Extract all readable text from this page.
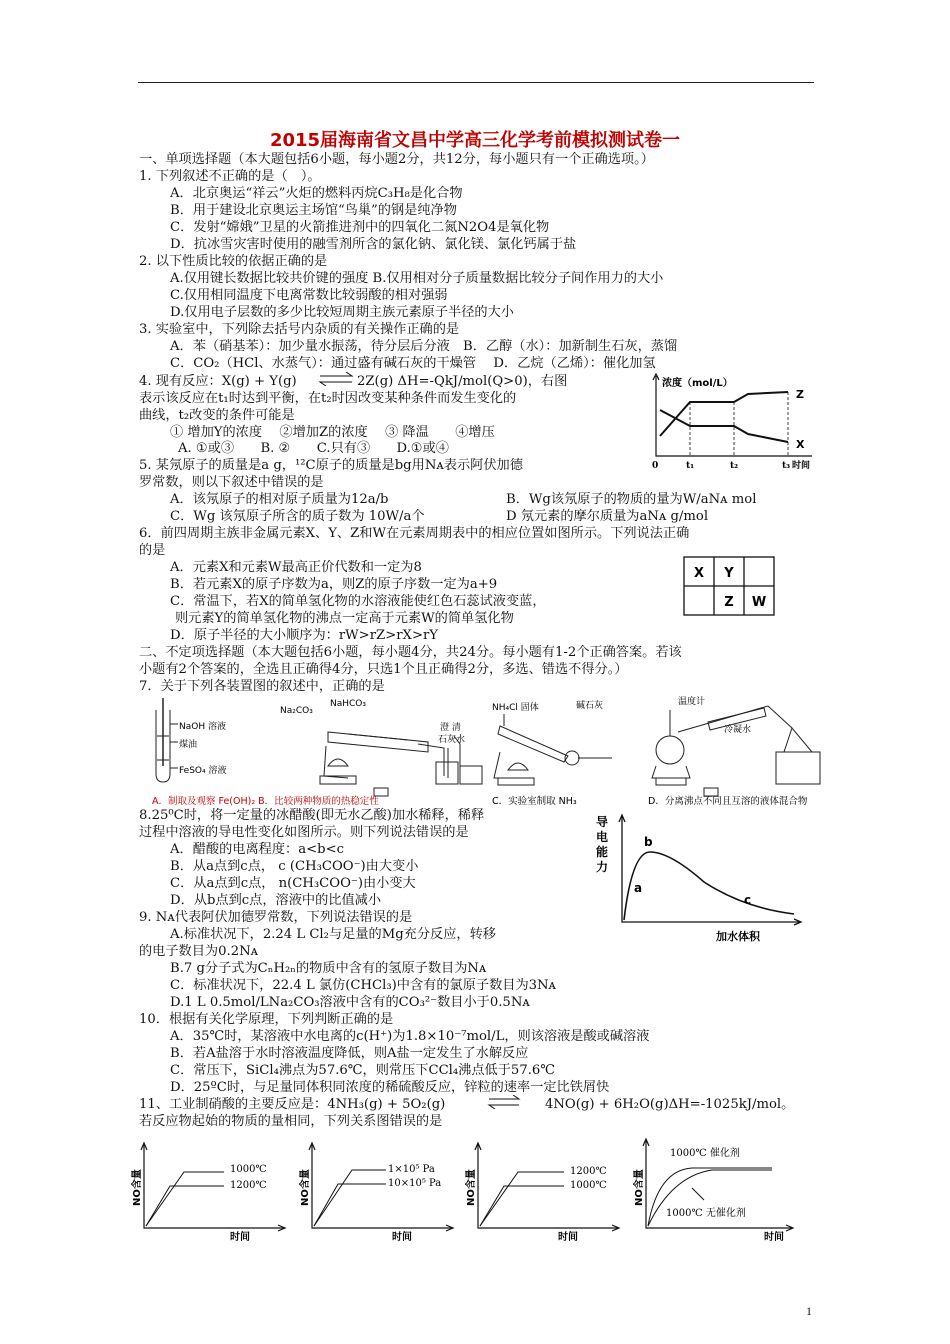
2015届海南省文昌中学高三化学考前模拟测试卷一
一、单项选择题（本大题包括6小题，每小题2分，共12分，每小题只有一个正确选项。）
1. 下列叙述不正确的是（　）。
A．北京奥运“祥云”火炬的燃料丙烷C₃H₈是化合物
B．用于建设北京奥运主场馆“鸟巢”的钢是纯净物
C．发射“嫦娥”卫星的火箭推进剂中的四氧化二氮N2O4是氧化物
D．抗冰雪灾害时使用的融雪剂所含的氯化钠、氯化镁、氯化钙属于盐
2. 以下性质比较的依据正确的是
A.仅用键长数据比较共价键的强度 B.仅用相对分子质量数据比较分子间作用力的大小
C.仅用相同温度下电离常数比较弱酸的相对强弱
D.仅用电子层数的多少比较短周期主族元素原子半径的大小
3. 实验室中，下列除去括号内杂质的有关操作正确的是
A．苯（硝基苯）：加少量水振荡，待分层后分液　B．乙醇（水）：加新制生石灰，蒸馏
C．CO₂（HCl、水蒸气）：通过盛有碱石灰的干燥管　 D．乙烷（乙烯）：催化加氢
4. 现有反应：X(g) + Y(g) ⇌ 2Z(g) ΔH=-QkJ/mol(Q>0)，右图
表示该反应在t₁时达到平衡，在t₂时因改变某种条件而发生变化的
曲线，t₂改变的条件可能是
① 增加Y的浓度　 ②增加Z的浓度　 ③ 降温　　④增压
A. ①或③　　B. ②　　C.只有③　　D.①或④
浓度（mol/L）
Z
X
0	t₁	t₂	t₃ 时间
5. 某氖原子的质量是a g，¹²C原子的质量是bg用Nᴀ表示阿伏加德
罗常数，则以下叙述中错误的是
A．该氖原子的相对原子质量为12a/b	B．Wg该氖原子的物质的量为W/aNᴀ mol
C．Wg 该氖原子所含的质子数为 10W/a个	D 氖元素的摩尔质量为aNᴀ g/mol
6．前四周期主族非金属元素X、Y、Z和W在元素周期表中的相应位置如图所示。下列说法正确
的是
A．元素X和元素W最高正价代数和一定为8
B．若元素X的原子序数为a，则Z的原子序数一定为a+9
C．常温下，若X的简单氢化物的水溶液能使红色石蕊试液变蓝，
则元素Y的简单氢化物的沸点一定高于元素W的简单氢化物
D．原子半径的大小顺序为：rW>rZ>rX>rY
X Y
Z W
二、不定项选择题（本大题包括6小题，每小题4分，共24分。每小题有1-2个正确答案。若该
小题有2个答案的，全选且正确得4分，只选1个且正确得2分，多选、错选不得分。）
7．关于下列各装置图的叙述中，正确的是
NaOH 溶液
煤油
FeSO₄ 溶液
Na₂CO₃
NaHCO₃
澄 清
石灰水
NH₄Cl 固体	碱石灰	温度计
冷凝水
A．制取及观察 Fe(OH)₂ B．比较两种物质的热稳定性	C．实验室制取 NH₃	D．分离沸点不同且互溶的液体混合物
8.25⁰C时，将一定量的冰醋酸(即无水乙酸)加水稀释，稀释
过程中溶液的导电性变化如图所示。则下列说法错误的是
A．醋酸的电离程度：a<b<c
B．从a点到c点， c (CH₃COO⁻)由大变小
C．从a点到c点， n(CH₃COO⁻)由小变大
D．从b点到c点，溶液中的比值减小
导
电
能
力
b
a
c
加水体积
9. Nᴀ代表阿伏加德罗常数，下列说法错误的是
A.标准状况下，2.24 L Cl₂与足量的Mg充分反应，转移
的电子数目为0.2Nᴀ
B.7 g分子式为CₙH₂ₙ的物质中含有的氢原子数目为Nᴀ
C．标准状况下，22.4 L 氯仿(CHCl₃)中含有的氯原子数目为3Nᴀ
D.1 L 0.5mol/LNa₂CO₃溶液中含有的CO₃²⁻数目小于0.5Nᴀ
10．根据有关化学原理，下列判断正确的是
A．35℃时，某溶液中水电离的c(H⁺)为1.8×10⁻⁷mol/L，则该溶液是酸或碱溶液
B．若A盐溶于水时溶液温度降低，则A盐一定发生了水解反应
C．常压下，SiCl₄沸点为57.6℃，则常压下CCl₄沸点低于57.6℃
D．25ºC时，与足量同体积同浓度的稀硫酸反应，锌粒的速率一定比铁屑快
11、工业制硝酸的主要反应是：4NH₃(g) + 5O₂(g)	4NO(g) + 6H₂O(g)ΔH=-1025kJ/mol。
若反应物起始的物质的量相同，下列关系图错误的是
NO含量	1000℃
1200℃
时间
NO含量	1×10⁵ Pa
10×10⁵ Pa
时间
NO含量	1200℃
1000℃
时间
NO含量
1000℃ 催化剂
1000℃ 无催化剂
时间
1
